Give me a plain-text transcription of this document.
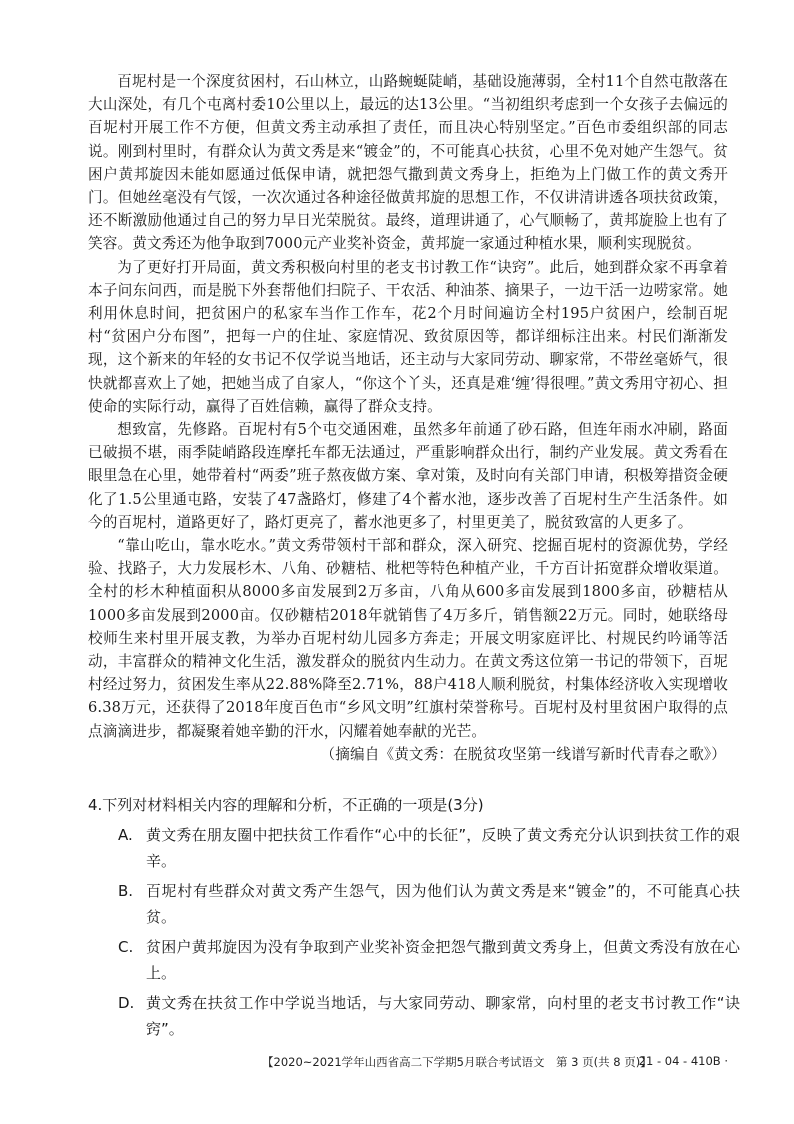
百坭村是一个深度贫困村，石山林立，山路蜿蜒陡峭，基础设施薄弱，全村11个自然屯散落在大山深处，有几个屯离村委10公里以上，最远的达13公里。“当初组织考虑到一个女孩子去偏远的百坭村开展工作不方便，但黄文秀主动承担了责任，而且决心特别坚定。”百色市委组织部的同志说。刚到村里时，有群众认为黄文秀是来“镀金”的，不可能真心扶贫，心里不免对她产生怨气。贫困户黄邦旋因未能如愿通过低保申请，就把怨气撒到黄文秀身上，拒绝为上门做工作的黄文秀开门。但她丝毫没有气馁，一次次通过各种途径做黄邦旋的思想工作，不仅讲清讲透各项扶贫政策，还不断激励他通过自己的努力早日光荣脱贫。最终，道理讲通了，心气顺畅了，黄邦旋脸上也有了笑容。黄文秀还为他争取到7000元产业奖补资金，黄邦旋一家通过种植水果，顺利实现脱贫。

为了更好打开局面，黄文秀积极向村里的老支书讨教工作“诀窍”。此后，她到群众家不再拿着本子问东问西，而是脱下外套帮他们扫院子、干农活、种油茶、摘果子，一边干活一边唠家常。她利用休息时间，把贫困户的私家车当作工作车，花2个月时间遍访全村195户贫困户，绘制百坭村“贫困户分布图”，把每一户的住址、家庭情况、致贫原因等，都详细标注出来。村民们渐渐发现，这个新来的年轻的女书记不仅学说当地话，还主动与大家同劳动、聊家常，不带丝毫娇气，很快就都喜欢上了她，把她当成了自家人，“你这个丫头，还真是难‘缠’得很哩。”黄文秀用守初心、担使命的实际行动，赢得了百姓信赖，赢得了群众支持。

想致富，先修路。百坭村有5个屯交通困难，虽然多年前通了砂石路，但连年雨水冲刷，路面已破损不堪，雨季陡峭路段连摩托车都无法通过，严重影响群众出行，制约产业发展。黄文秀看在眼里急在心里，她带着村“两委”班子熬夜做方案、拿对策，及时向有关部门申请，积极筹措资金硬化了1.5公里通屯路，安装了47盏路灯，修建了4个蓄水池，逐步改善了百坭村生产生活条件。如今的百坭村，道路更好了，路灯更亮了，蓄水池更多了，村里更美了，脱贫致富的人更多了。

“靠山吃山，靠水吃水。”黄文秀带领村干部和群众，深入研究、挖掘百坭村的资源优势，学经验、找路子，大力发展杉木、八角、砂糖桔、枇杷等特色种植产业，千方百计拓宽群众增收渠道。全村的杉木种植面积从8000多亩发展到2万多亩，八角从600多亩发展到1800多亩，砂糖桔从1000多亩发展到2000亩。仅砂糖桔2018年就销售了4万多斤，销售额22万元。同时，她联络母校师生来村里开展支教，为举办百坭村幼儿园多方奔走；开展文明家庭评比、村规民约吟诵等活动，丰富群众的精神文化生活，激发群众的脱贫内生动力。在黄文秀这位第一书记的带领下，百坭村经过努力，贫困发生率从22.88%降至2.71%，88户418人顺利脱贫，村集体经济收入实现增收6.38万元，还获得了2018年度百色市“乡风文明”红旗村荣誉称号。百坭村及村里贫困户取得的点点滴滴进步，都凝聚着她辛勤的汗水，闪耀着她奉献的光芒。

（摘编自《黄文秀：在脱贫攻坚第一线谱写新时代青春之歌》）

4.下列对材料相关内容的理解和分析，不正确的一项是(3分)

A. 黄文秀在朋友圈中把扶贫工作看作“心中的长征”，反映了黄文秀充分认识到扶贫工作的艰辛。
B. 百坭村有些群众对黄文秀产生怨气，因为他们认为黄文秀是来“镀金”的，不可能真心扶贫。
C. 贫困户黄邦旋因为没有争取到产业奖补资金把怨气撒到黄文秀身上，但黄文秀没有放在心上。
D. 黄文秀在扶贫工作中学说当地话，与大家同劳动、聊家常，向村里的老支书讨教工作“诀窍”。
【2020~2021学年山西省高二下学期5月联合考试语文　第 3 页(共 8 页)】
· 21 - 04 - 410B ·
